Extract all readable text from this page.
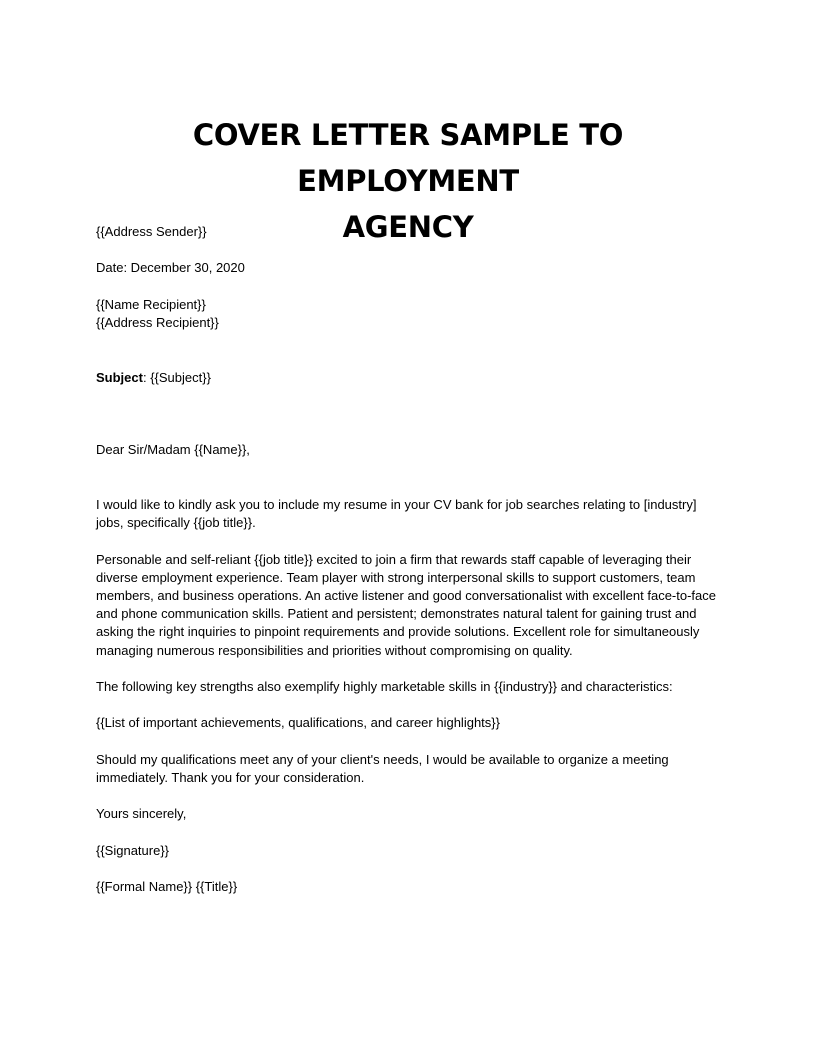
COVER LETTER SAMPLE TO EMPLOYMENT
AGENCY

{{Address Sender}}

Date: December 30, 2020

{{Name Recipient}}

{{Address Recipient}}

Subject: {{Subject}}

Dear Sir/Madam {{Name}},

I would like to kindly ask you to include my resume in your CV bank for job searches relating to [industry] jobs, specifically {{job title}}.

Personable and self-reliant {{job title}} excited to join a firm that rewards staff capable of leveraging their diverse employment experience. Team player with strong interpersonal skills to support customers, team members, and business operations. An active listener and good conversationalist with excellent face-to-face and phone communication skills. Patient and persistent; demonstrates natural talent for gaining trust and asking the right inquiries to pinpoint requirements and provide solutions. Excellent role for simultaneously managing numerous responsibilities and priorities without compromising on quality.

The following key strengths also exemplify highly marketable skills in {{industry}} and characteristics:

{{List of important achievements, qualifications, and career highlights}}

Should my qualifications meet any of your client's needs, I would be available to organize a meeting immediately. Thank you for your consideration.

Yours sincerely,

{{Signature}}

{{Formal Name}} {{Title}}
